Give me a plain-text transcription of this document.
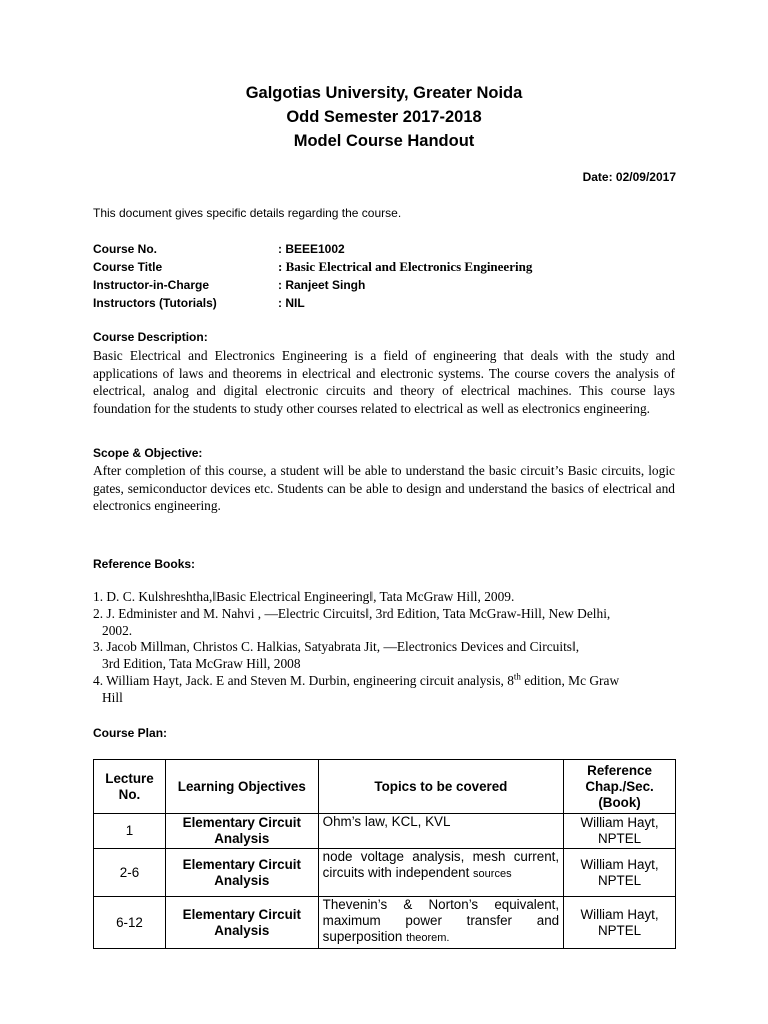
Galgotias University, Greater Noida
Odd Semester 2017-2018
Model Course Handout
Date: 02/09/2017
This document gives specific details regarding the course.
Course No.	: BEEE1002
Course Title	: Basic Electrical and Electronics Engineering
Instructor-in-Charge	: Ranjeet Singh
Instructors (Tutorials)	: NIL
Course Description:
Basic Electrical and Electronics Engineering is a field of engineering that deals with the study and applications of laws and theorems in electrical and electronic systems. The course covers the analysis of electrical, analog and digital electronic circuits and theory of electrical machines. This course lays foundation for the students to study other courses related to electrical as well as electronics engineering.
Scope & Objective:
After completion of this course, a student will be able to understand the basic circuit’s Basic circuits, logic gates, semiconductor devices etc. Students can be able to design and understand the basics of electrical and electronics engineering.
Reference Books:
1. D. C. Kulshreshtha,‖Basic Electrical Engineering‖, Tata McGraw Hill, 2009.
2. J. Edminister and M. Nahvi , ―Electric Circuits‖, 3rd Edition, Tata McGraw-Hill, New Delhi,
2002.
3. Jacob Millman, Christos C. Halkias, Satyabrata Jit, ―Electronics Devices and Circuits‖,
3rd Edition, Tata McGraw Hill, 2008
4. William Hayt, Jack. E and Steven M. Durbin, engineering circuit analysis, 8th edition, Mc Graw
Hill
Course Plan:
Lecture No.	Learning Objectives	Topics to be covered	Reference Chap./Sec. (Book)
1	Elementary Circuit Analysis	Ohm’s law, KCL, KVL	William Hayt, NPTEL
2-6	Elementary Circuit Analysis	node voltage analysis, mesh current, circuits with independent sources	William Hayt, NPTEL
6-12	Elementary Circuit Analysis	Thevenin’s & Norton’s equivalent, maximum power transfer and superposition theorem.	William Hayt, NPTEL
